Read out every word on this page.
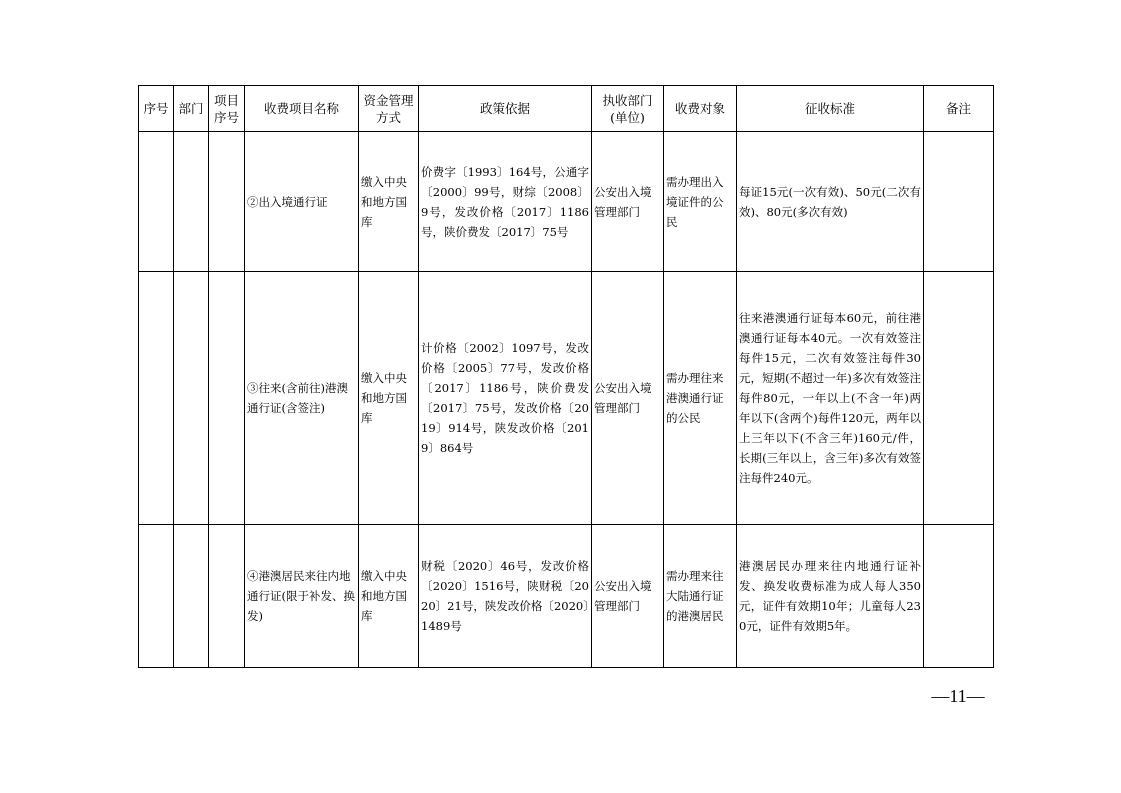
序号	部门	项目序号	收费项目名称	资金管理方式	政策依据	执收部门(单位)	收费对象	征收标准	备注
			②出入境通行证	缴入中央和地方国库	价费字〔1993〕164号，公通字〔2000〕99号，财综〔2008〕9号，发改价格〔2017〕1186号，陕价费发〔2017〕75号	公安出入境管理部门	需办理出入境证件的公民	每证15元(一次有效)、50元(二次有效)、80元(多次有效)	
			③往来(含前往)港澳通行证(含签注)	缴入中央和地方国库	计价格〔2002〕1097号，发改价格〔2005〕77号，发改价格〔2017〕1186号，陕价费发〔2017〕75号，发改价格〔2019〕914号，陕发改价格〔2019〕864号	公安出入境管理部门	需办理往来港澳通行证的公民	往来港澳通行证每本60元，前往港澳通行证每本40元。一次有效签注每件15元，二次有效签注每件30元，短期(不超过一年)多次有效签注每件80元，一年以上(不含一年)两年以下(含两个)每件120元，两年以上三年以下(不含三年)160元/件，长期(三年以上，含三年)多次有效签注每件240元。	
			④港澳居民来往内地通行证(限于补发、换发)	缴入中央和地方国库	财税〔2020〕46号，发改价格〔2020〕1516号，陕财税〔2020〕21号，陕发改价格〔2020〕1489号	公安出入境管理部门	需办理来往大陆通行证的港澳居民	港澳居民办理来往内地通行证补发、换发收费标准为成人每人350元，证件有效期10年；儿童每人230元，证件有效期5年。	
—11—
